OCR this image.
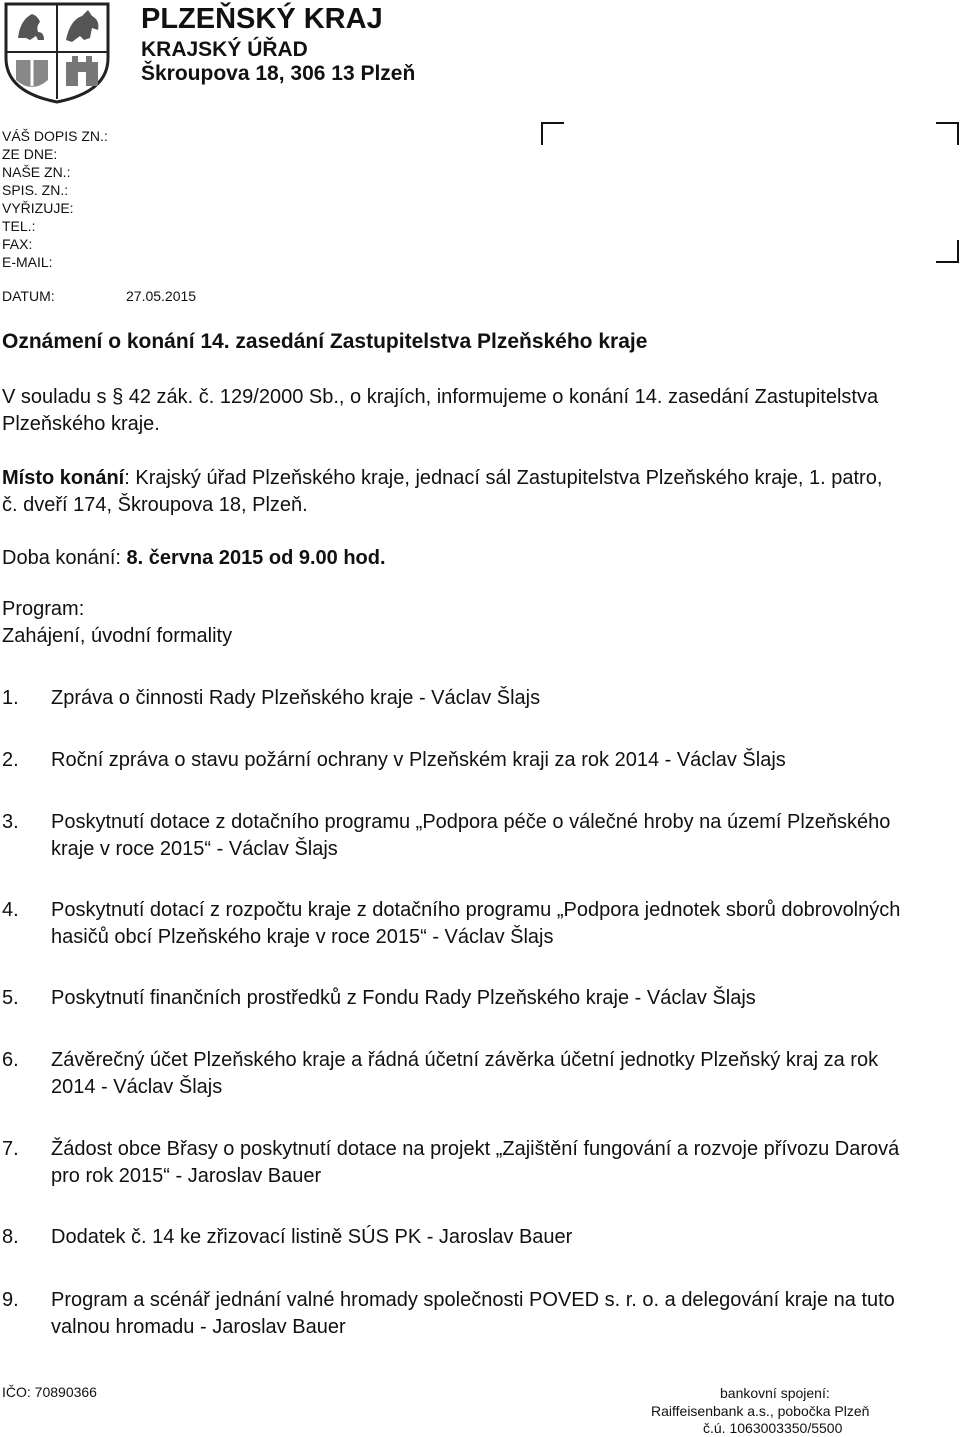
PLZEŇSKÝ KRAJ
KRAJSKÝ ÚŘAD
Škroupova 18, 306 13 Plzeň
VÁŠ DOPIS ZN.:
ZE DNE:
NAŠE ZN.:
SPIS. ZN.:
VYŘIZUJE:
TEL.:
FAX:
E-MAIL:
DATUM:	27.05.2015
Oznámení o konání 14. zasedání Zastupitelstva Plzeňského kraje
V souladu s § 42 zák. č. 129/2000 Sb., o krajích, informujeme o konání 14. zasedání Zastupitelstva Plzeňského kraje.
Místo konání: Krajský úřad Plzeňského kraje, jednací sál Zastupitelstva Plzeňského kraje, 1. patro, č. dveří 174, Škroupova 18, Plzeň.
Doba konání: 8. června 2015 od 9.00 hod.
Program:
Zahájení, úvodní formality
1. Zpráva o činnosti Rady Plzeňského kraje - Václav Šlajs
2. Roční zpráva o stavu požární ochrany v Plzeňském kraji za rok 2014 - Václav Šlajs
3. Poskytnutí dotace z dotačního programu „Podpora péče o válečné hroby na území Plzeňského kraje v roce 2015“ - Václav Šlajs
4. Poskytnutí dotací z rozpočtu kraje z dotačního programu „Podpora jednotek sborů dobrovolných hasičů obcí Plzeňského kraje v roce 2015“ - Václav Šlajs
5. Poskytnutí finančních prostředků z Fondu Rady Plzeňského kraje - Václav Šlajs
6. Závěrečný účet Plzeňského kraje a řádná účetní závěrka účetní jednotky Plzeňský kraj za rok 2014 - Václav Šlajs
7. Žádost obce Břasy o poskytnutí dotace na projekt „Zajištění fungování a rozvoje přívozu Darová pro rok 2015“ - Jaroslav Bauer
8. Dodatek č. 14 ke zřizovací listině SÚS PK - Jaroslav Bauer
9. Program a scénář jednání valné hromady společnosti POVED s. r. o. a delegování kraje na tuto valnou hromadu - Jaroslav Bauer
IČO: 70890366	bankovní spojení:
Raiffeisenbank a.s., pobočka Plzeň
č.ú. 1063003350/5500
